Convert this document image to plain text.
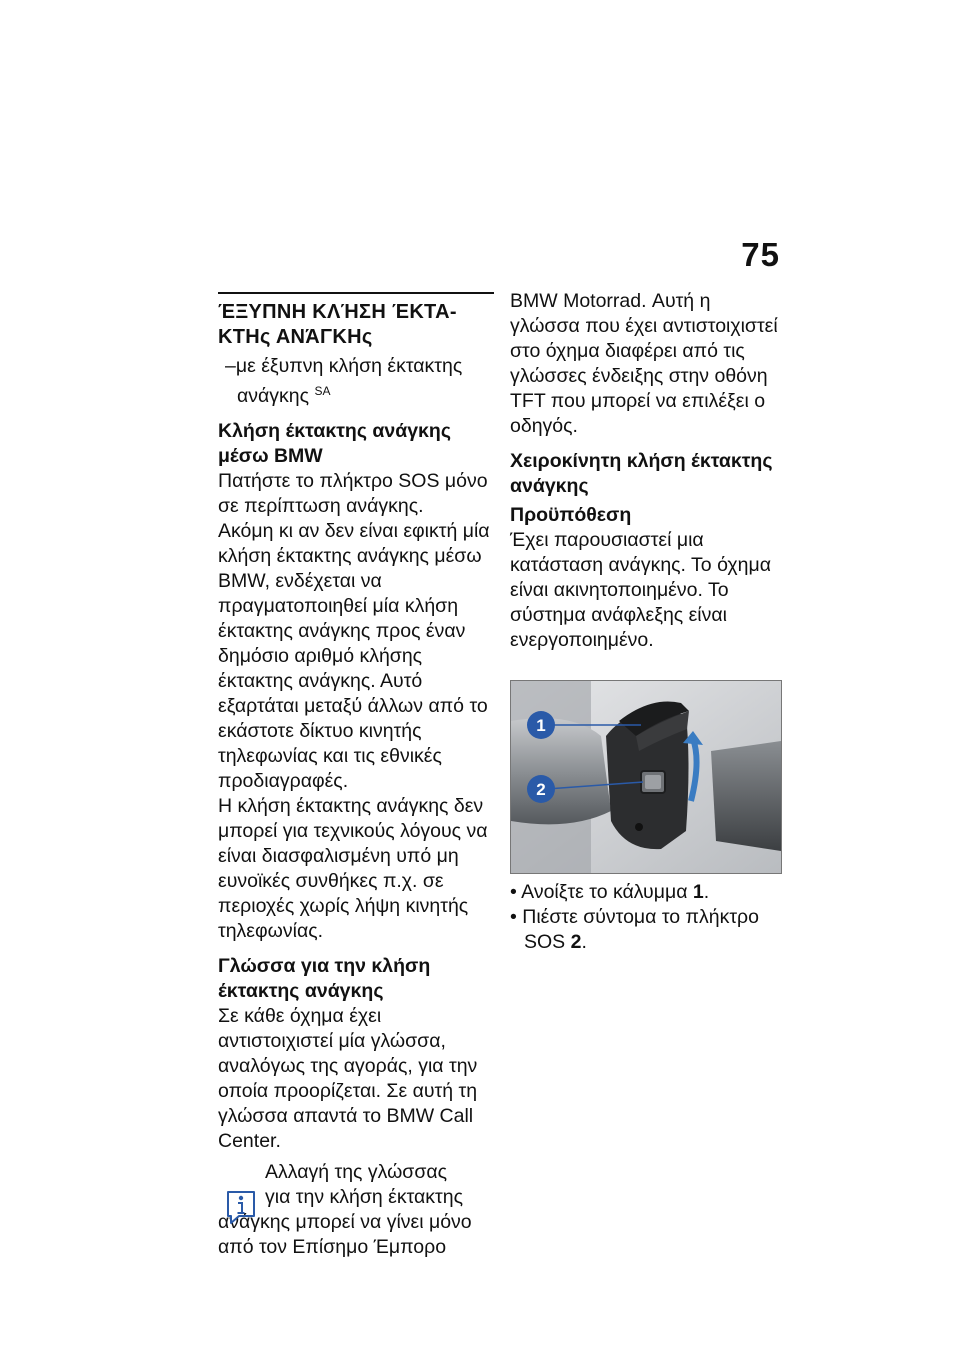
75

ΈΞΥΠΝΗ ΚΛΉΣΗ ΈΚΤΑ-
ΚΤΗς ΑΝΆΓΚΗς

–με έξυπνη κλήση έκτακτης ανάγκης $^{SA}$

Κλήση έκτακτης ανάγκης μέσω BMW

Πατήστε το πλήκτρο SOS μόνο σε περίπτωση ανάγκης.

Ακόμη κι αν δεν είναι εφικτή μία κλήση έκτακτης ανάγκης μέσω BMW, ενδέχεται να πραγματοποιηθεί μία κλήση έκτακτης ανάγκης προς έναν δημόσιο αριθμό κλήσης έκτακτης ανάγκης. Αυτό εξαρτάται μεταξύ άλλων από το εκάστοτε δίκτυο κινητής τηλεφωνίας και τις εθνικές προδιαγραφές.

Η κλήση έκτακτης ανάγκης δεν μπορεί για τεχνικούς λόγους να είναι διασφαλισμένη υπό μη ευνοϊκές συνθήκες π.χ. σε περιοχές χωρίς λήψη κινητής τηλεφωνίας.

Γλώσσα για την κλήση έκτακτης ανάγκης

Σε κάθε όχημα έχει αντιστοιχιστεί μία γλώσσα, αναλόγως της αγοράς, για την οποία προορίζεται. Σε αυτή τη γλώσσα απαντά το BMW Call Center.

Αλλαγή της γλώσσας
για την κλήση έκτακτης
ανάγκης μπορεί να γίνει μόνο
από τον Επίσημο Έμπορο

BMW Motorrad. Αυτή η γλώσσα που έχει αντιστοιχιστεί στο όχημα διαφέρει από τις γλώσσες ένδειξης στην οθόνη TFT που μπορεί να επιλέξει ο οδηγός.

Χειροκίνητη κλήση έκτακτης ανάγκης

Προϋπόθεση

Έχει παρουσιαστεί μια κατάσταση ανάγκης. Το όχημα είναι ακινητοποιημένο. Το σύστημα ανάφλεξης είναι ενεργοποιημένο.

1
2

• Ανοίξτε το κάλυμμα 1.

• Πιέστε σύντομα το πλήκτρο SOS 2.
